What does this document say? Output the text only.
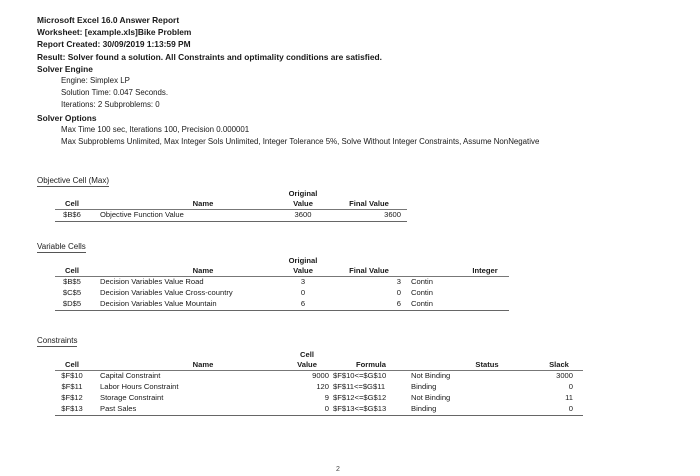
Microsoft Excel 16.0 Answer Report
Worksheet: [example.xls]Bike Problem
Report Created: 30/09/2019 1:13:59 PM
Result: Solver found a solution. All Constraints and optimality conditions are satisfied.
Solver Engine
Engine: Simplex LP
Solution Time: 0.047 Seconds.
Iterations: 2 Subproblems: 0
Solver Options
Max Time 100 sec, Iterations 100, Precision 0.000001
Max Subproblems Unlimited, Max Integer Sols Unlimited, Integer Tolerance 5%, Solve Without Integer Constraints, Assume NonNegative
Objective Cell (Max)
Cell	Name
Original
Value	Final Value
$B$6	Objective Function Value	3600	3600
Variable Cells
Cell	Name
Original
Value	Final Value	Integer
$B$5	Decision Variables Value Road	3	3 Contin
$C$5	Decision Variables Value Cross-country	0	0 Contin
$D$5	Decision Variables Value Mountain	6	6 Contin
Constraints
Cell	Name
Cell
Value	Formula	Status	Slack
$F$10	Capital Constraint	9000 $F$10<=$G$10	Not Binding	3000
$F$11	Labor Hours Constraint	120 $F$11<=$G$11	Binding	0
$F$12	Storage Constraint	9 $F$12<=$G$12	Not Binding	11
$F$13	Past Sales	0 $F$13<=$G$13	Binding	0
2
